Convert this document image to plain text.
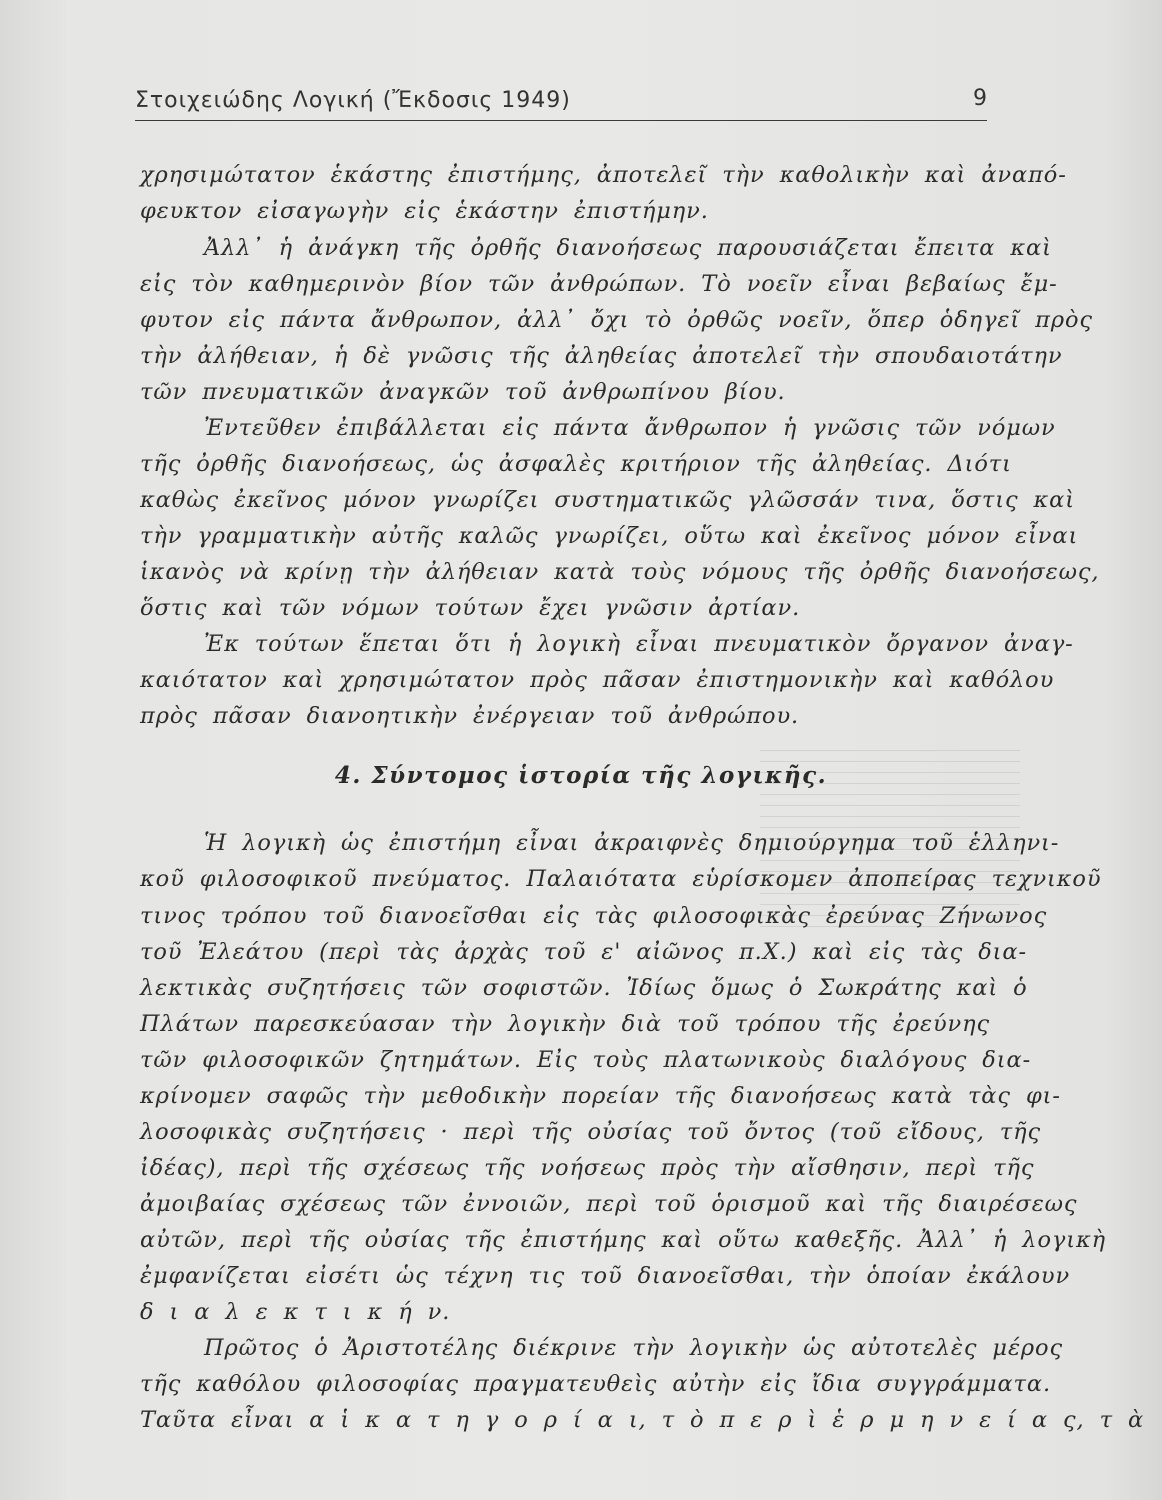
Στοιχειώδης Λογική (Ἔκδοσις 1949)	9
χρησιμώτατον ἑκάστης ἐπιστήμης, ἀποτελεῖ τὴν καθολικὴν καὶ ἀναπό-
φευκτον εἰσαγωγὴν εἰς ἑκάστην ἐπιστήμην.
Ἀλλ᾽ ἡ ἀνάγκη τῆς ὀρθῆς διανοήσεως παρουσιάζεται ἔπειτα καὶ
εἰς τὸν καθημερινὸν βίον τῶν ἀνθρώπων. Τὸ νοεῖν εἶναι βεβαίως ἔμ-
φυτον εἰς πάντα ἄνθρωπον, ἀλλ᾽ ὄχι τὸ ὀρθῶς νοεῖν, ὅπερ ὁδηγεῖ πρὸς
τὴν ἀλήθειαν, ἡ δὲ γνῶσις τῆς ἀληθείας ἀποτελεῖ τὴν σπουδαιοτάτην
τῶν πνευματικῶν ἀναγκῶν τοῦ ἀνθρωπίνου βίου.
Ἐντεῦθεν ἐπιβάλλεται εἰς πάντα ἄνθρωπον ἡ γνῶσις τῶν νόμων
τῆς ὀρθῆς διανοήσεως, ὡς ἀσφαλὲς κριτήριον τῆς ἀληθείας. Διότι
καθὼς ἐκεῖνος μόνον γνωρίζει συστηματικῶς γλῶσσάν τινα, ὅστις καὶ
τὴν γραμματικὴν αὐτῆς καλῶς γνωρίζει, οὕτω καὶ ἐκεῖνος μόνον εἶναι
ἱκανὸς νὰ κρίνῃ τὴν ἀλήθειαν κατὰ τοὺς νόμους τῆς ὀρθῆς διανοήσεως,
ὅστις καὶ τῶν νόμων τούτων ἔχει γνῶσιν ἀρτίαν.
Ἐκ τούτων ἕπεται ὅτι ἡ λογικὴ εἶναι πνευματικὸν ὄργανον ἀναγ-
καιότατον καὶ χρησιμώτατον πρὸς πᾶσαν ἐπιστημονικὴν καὶ καθόλου
πρὸς πᾶσαν διανοητικὴν ἐνέργειαν τοῦ ἀνθρώπου.
4. Σύντομος ἱστορία τῆς λογικῆς.
Ἡ λογικὴ ὡς ἐπιστήμη εἶναι ἀκραιφνὲς δημιούργημα τοῦ ἑλληνι-
κοῦ φιλοσοφικοῦ πνεύματος. Παλαιότατα εὑρίσκομεν ἀποπείρας τεχνικοῦ
τινος τρόπου τοῦ διανοεῖσθαι εἰς τὰς φιλοσοφικὰς ἐρεύνας Ζήνωνος
τοῦ Ἐλεάτου (περὶ τὰς ἀρχὰς τοῦ ε' αἰῶνος π.Χ.) καὶ εἰς τὰς δια-
λεκτικὰς συζητήσεις τῶν σοφιστῶν. Ἰδίως ὅμως ὁ Σωκράτης καὶ ὁ
Πλάτων παρεσκεύασαν τὴν λογικὴν διὰ τοῦ τρόπου τῆς ἐρεύνης
τῶν φιλοσοφικῶν ζητημάτων. Εἰς τοὺς πλατωνικοὺς διαλόγους δια-
κρίνομεν σαφῶς τὴν μεθοδικὴν πορείαν τῆς διανοήσεως κατὰ τὰς φι-
λοσοφικὰς συζητήσεις · περὶ τῆς οὐσίας τοῦ ὄντος (τοῦ εἴδους, τῆς
ἰδέας), περὶ τῆς σχέσεως τῆς νοήσεως πρὸς τὴν αἴσθησιν, περὶ τῆς
ἀμοιβαίας σχέσεως τῶν ἐννοιῶν, περὶ τοῦ ὁρισμοῦ καὶ τῆς διαιρέσεως
αὐτῶν, περὶ τῆς οὐσίας τῆς ἐπιστήμης καὶ οὕτω καθεξῆς. Ἀλλ᾽ ἡ λογικὴ
ἐμφανίζεται εἰσέτι ὡς τέχνη τις τοῦ διανοεῖσθαι, τὴν ὁποίαν ἐκάλουν
δ ι α λ ε κ τ ι κ ή ν.
Πρῶτος ὁ Ἀριστοτέλης διέκρινε τὴν λογικὴν ὡς αὐτοτελὲς μέρος
τῆς καθόλου φιλοσοφίας πραγματευθεὶς αὐτὴν εἰς ἴδια συγγράμματα.
Ταῦτα εἶναι α ἱ κ α τ η γ ο ρ ί α ι, τ ὸ π ε ρ ὶ ἑ ρ μ η ν ε ί α ς, τ ὰ
